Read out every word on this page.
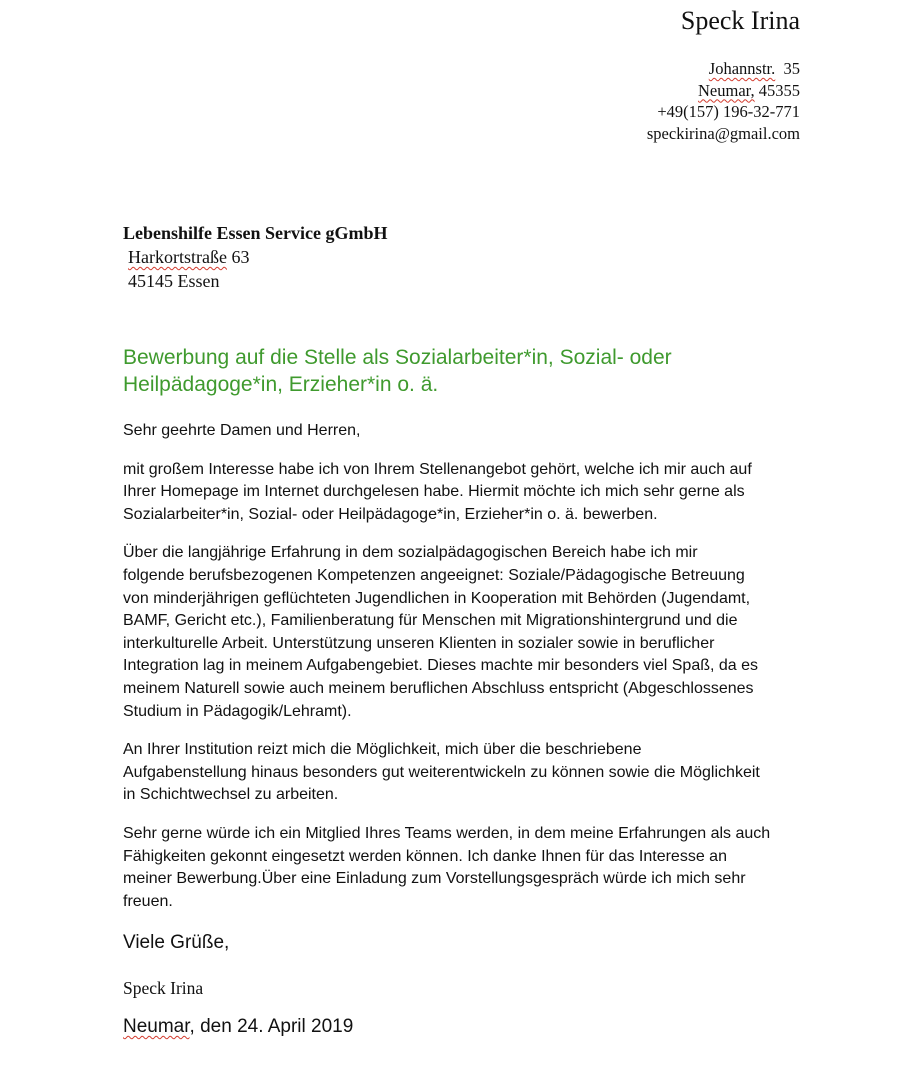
Speck Irina
Johannstr. 35
Neumar, 45355
+49(157) 196-32-771
speckirina@gmail.com
Lebenshilfe Essen Service gGmbH
Harkortstraße 63
45145 Essen
Bewerbung auf die Stelle als Sozialarbeiter*in, Sozial- oder Heilpädagoge*in, Erzieher*in o. ä.

Sehr geehrte Damen und Herren,

mit großem Interesse habe ich von Ihrem Stellenangebot gehört, welche ich mir auch auf
Ihrer Homepage im Internet durchgelesen habe. Hiermit möchte ich mich sehr gerne als
Sozialarbeiter*in, Sozial- oder Heilpädagoge*in, Erzieher*in o. ä. bewerben.

Über die langjährige Erfahrung in dem sozialpädagogischen Bereich habe ich mir
folgende berufsbezogenen Kompetenzen angeeignet: Soziale/Pädagogische Betreuung
von minderjährigen geflüchteten Jugendlichen in Kooperation mit Behörden (Jugendamt,
BAMF, Gericht etc.), Familienberatung für Menschen mit Migrationshintergrund und die
interkulturelle Arbeit. Unterstützung unseren Klienten in sozialer sowie in beruflicher
Integration lag in meinem Aufgabengebiet. Dieses machte mir besonders viel Spaß, da es
meinem Naturell sowie auch meinem beruflichen Abschluss entspricht (Abgeschlossenes
Studium in Pädagogik/Lehramt).

An Ihrer Institution reizt mich die Möglichkeit, mich über die beschriebene
Aufgabenstellung hinaus besonders gut weiterentwickeln zu können sowie die Möglichkeit
in Schichtwechsel zu arbeiten.

Sehr gerne würde ich ein Mitglied Ihres Teams werden, in dem meine Erfahrungen als auch
Fähigkeiten gekonnt eingesetzt werden können. Ich danke Ihnen für das Interesse an
meiner Bewerbung.Über eine Einladung zum Vorstellungsgespräch würde ich mich sehr
freuen.

Viele Grüße,
Speck Irina
Neumar, den 24. April 2019
